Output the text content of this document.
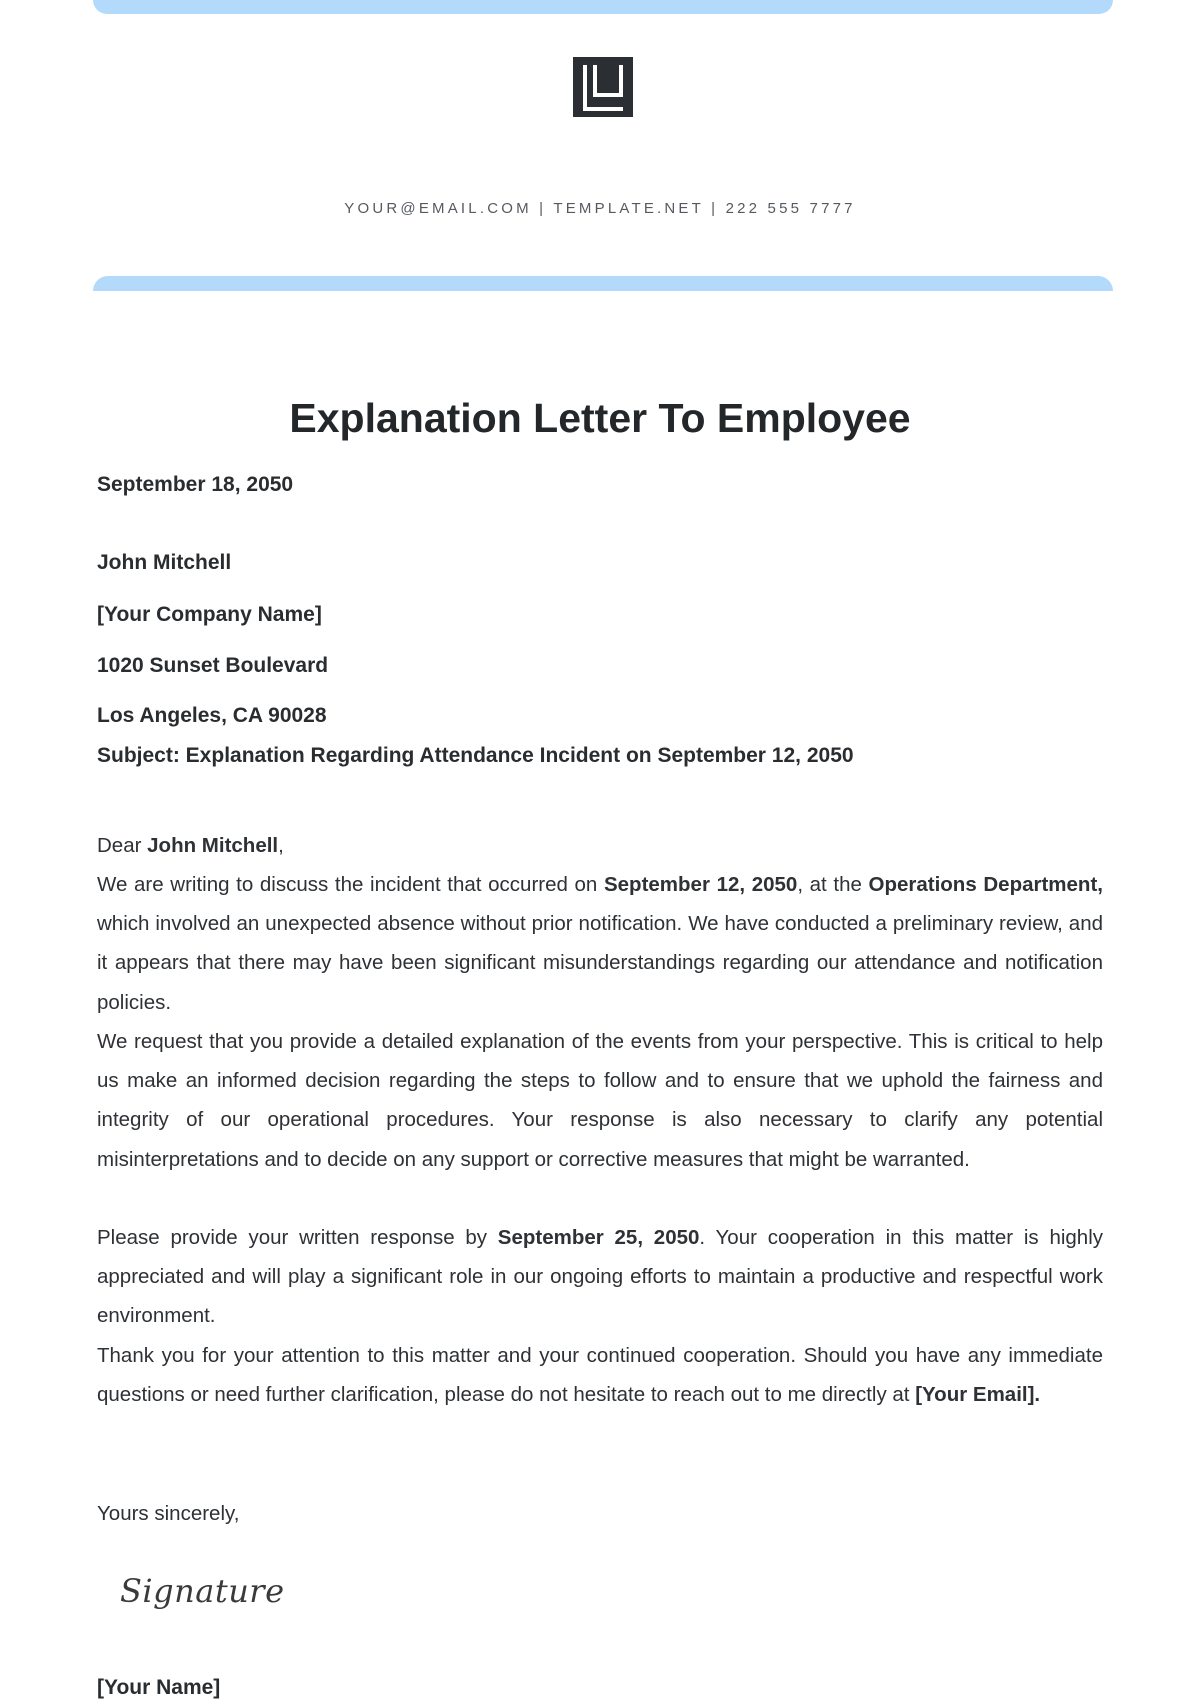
YOUR@EMAIL.COM | TEMPLATE.NET | 222 555 7777
Explanation Letter To Employee
September 18, 2050
John Mitchell
[Your Company Name]
1020 Sunset Boulevard
Los Angeles, CA 90028
Subject: Explanation Regarding Attendance Incident on September 12, 2050
Dear John Mitchell,
We are writing to discuss the incident that occurred on September 12, 2050, at the Operations Department, which involved an unexpected absence without prior notification. We have conducted a preliminary review, and it appears that there may have been significant misunderstandings regarding our attendance and notification policies.
We request that you provide a detailed explanation of the events from your perspective. This is critical to help us make an informed decision regarding the steps to follow and to ensure that we uphold the fairness and integrity of our operational procedures. Your response is also necessary to clarify any potential misinterpretations and to decide on any support or corrective measures that might be warranted.
Please provide your written response by September 25, 2050. Your cooperation in this matter is highly appreciated and will play a significant role in our ongoing efforts to maintain a productive and respectful work environment.
Thank you for your attention to this matter and your continued cooperation. Should you have any immediate questions or need further clarification, please do not hesitate to reach out to me directly at [Your Email].
Yours sincerely,
Signature
[Your Name]
